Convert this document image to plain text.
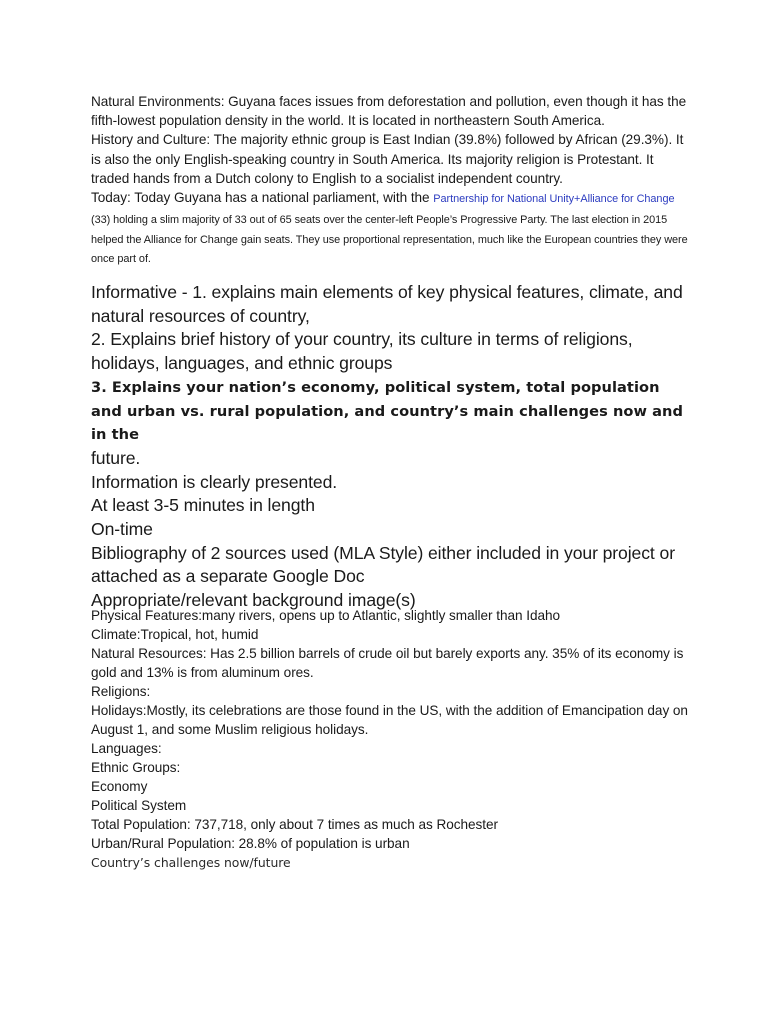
Natural Environments: Guyana faces issues from deforestation and pollution, even though it has the fifth-lowest population density in the world. It is located in northeastern South America.

History and Culture: The majority ethnic group is East Indian (39.8%) followed by African (29.3%). It is also the only English-speaking country in South America. Its majority religion is Protestant. It traded hands from a Dutch colony to English to a socialist independent country.

Today: Today Guyana has a national parliament, with the Partnership for National Unity+Alliance for Change (33) holding a slim majority of 33 out of 65 seats over the center-left People’s Progressive Party. The last election in 2015 helped the Alliance for Change gain seats. They use proportional representation, much like the European countries they were once part of.

Informative - 1. explains main elements of key physical features, climate, and natural resources of country,

2. Explains brief history of your country, its culture in terms of religions, holidays, languages, and ethnic groups

3. Explains your nation’s economy, political system, total population and urban vs. rural population, and country’s main challenges now and in the

future.

Information is clearly presented.

At least 3-5 minutes in length

On-time

Bibliography of 2 sources used (MLA Style) either included in your project or attached as a separate Google Doc

Appropriate/relevant background image(s)

Physical Features:many rivers, opens up to Atlantic, slightly smaller than Idaho

Climate:Tropical, hot, humid

Natural Resources: Has 2.5 billion barrels of crude oil but barely exports any. 35% of its economy is gold and 13% is from aluminum ores.

Religions:

Holidays:Mostly, its celebrations are those found in the US, with the addition of Emancipation day on August 1, and some Muslim religious holidays.

Languages:

Ethnic Groups:

Economy

Political System

Total Population: 737,718, only about 7 times as much as Rochester

Urban/Rural Population: 28.8% of population is urban

Country’s challenges now/future
